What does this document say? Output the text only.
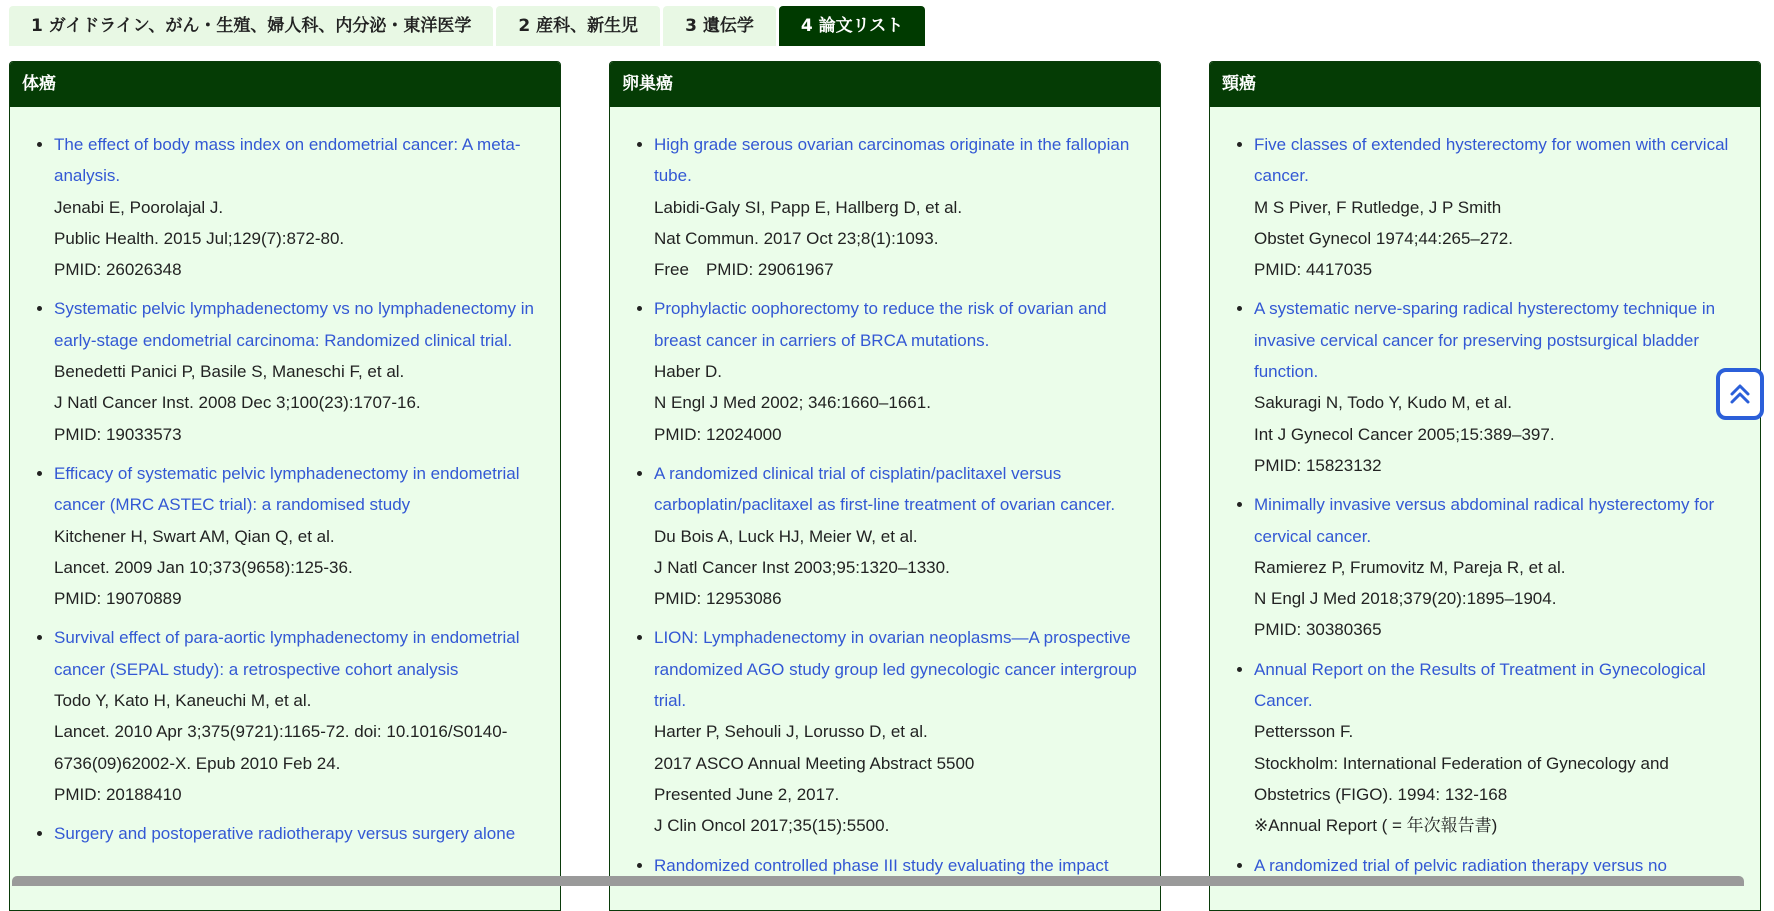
1 ガイドライン、がん・生殖、婦人科、内分泌・東洋医学	2 産科、新生児	3 遺伝学	4 論文リスト
体癌
• The effect of body mass index on endometrial cancer: A meta-analysis.
Jenabi E, Poorolajal J.
Public Health. 2015 Jul;129(7):872-80.
PMID: 26026348
• Systematic pelvic lymphadenectomy vs no lymphadenectomy in early-stage endometrial carcinoma: Randomized clinical trial.
Benedetti Panici P, Basile S, Maneschi F, et al.
J Natl Cancer Inst. 2008 Dec 3;100(23):1707-16.
PMID: 19033573
• Efficacy of systematic pelvic lymphadenectomy in endometrial cancer (MRC ASTEC trial): a randomised study
Kitchener H, Swart AM, Qian Q, et al.
Lancet. 2009 Jan 10;373(9658):125-36.
PMID: 19070889
• Survival effect of para-aortic lymphadenectomy in endometrial cancer (SEPAL study): a retrospective cohort analysis
Todo Y, Kato H, Kaneuchi M, et al.
Lancet. 2010 Apr 3;375(9721):1165-72. doi: 10.1016/S0140-6736(09)62002-X. Epub 2010 Feb 24.
PMID: 20188410
• Surgery and postoperative radiotherapy versus surgery alone
卵巣癌
• High grade serous ovarian carcinomas originate in the fallopian tube.
Labidi-Galy SI, Papp E, Hallberg D, et al.
Nat Commun. 2017 Oct 23;8(1):1093.
Free　PMID: 29061967
• Prophylactic oophorectomy to reduce the risk of ovarian and breast cancer in carriers of BRCA mutations.
Haber D.
N Engl J Med 2002; 346:1660–1661.
PMID: 12024000
• A randomized clinical trial of cisplatin/paclitaxel versus carboplatin/paclitaxel as first-line treatment of ovarian cancer.
Du Bois A, Luck HJ, Meier W, et al.
J Natl Cancer Inst 2003;95:1320–1330.
PMID: 12953086
• LION: Lymphadenectomy in ovarian neoplasms—A prospective randomized AGO study group led gynecologic cancer intergroup trial.
Harter P, Sehouli J, Lorusso D, et al.
2017 ASCO Annual Meeting Abstract 5500
Presented June 2, 2017.
J Clin Oncol 2017;35(15):5500.
• Randomized controlled phase III study evaluating the impact
頸癌
• Five classes of extended hysterectomy for women with cervical cancer.
M S Piver, F Rutledge, J P Smith
Obstet Gynecol 1974;44:265–272.
PMID: 4417035
• A systematic nerve-sparing radical hysterectomy technique in invasive cervical cancer for preserving postsurgical bladder function.
Sakuragi N, Todo Y, Kudo M, et al.
Int J Gynecol Cancer 2005;15:389–397.
PMID: 15823132
• Minimally invasive versus abdominal radical hysterectomy for cervical cancer.
Ramierez P, Frumovitz M, Pareja R, et al.
N Engl J Med 2018;379(20):1895–1904.
PMID: 30380365
• Annual Report on the Results of Treatment in Gynecological Cancer.
Pettersson F.
Stockholm: International Federation of Gynecology and Obstetrics (FIGO). 1994: 132-168
※Annual Report ( = 年次報告書)
• A randomized trial of pelvic radiation therapy versus no
